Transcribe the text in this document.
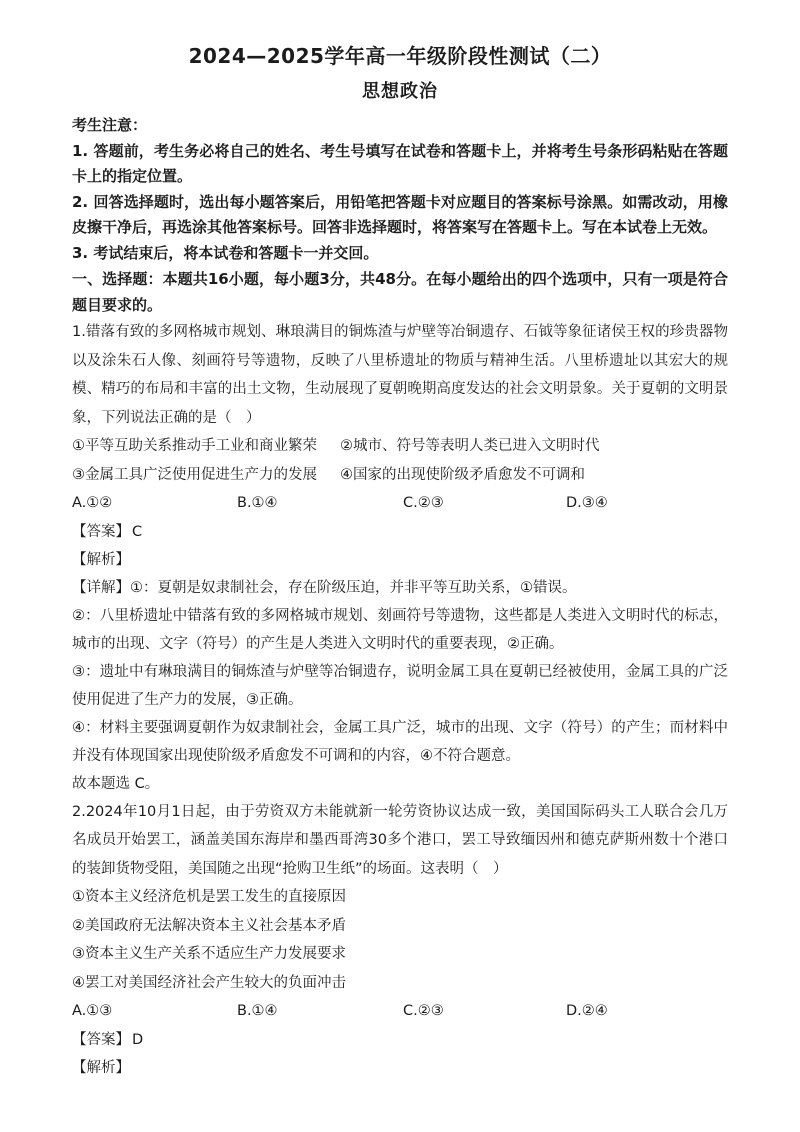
2024—2025学年高一年级阶段性测试（二）
思想政治

考生注意：

1. 答题前，考生务必将自己的姓名、考生号填写在试卷和答题卡上，并将考生号条形码粘贴在答题卡上的指定位置。

2. 回答选择题时，选出每小题答案后，用铅笔把答题卡对应题目的答案标号涂黑。如需改动，用橡皮擦干净后，再选涂其他答案标号。回答非选择题时，将答案写在答题卡上。写在本试卷上无效。

3. 考试结束后，将本试卷和答题卡一并交回。

一、选择题：本题共16小题，每小题3分，共48分。在每小题给出的四个选项中，只有一项是符合题目要求的。

1.错落有致的多网格城市规划、琳琅满目的铜炼渣与炉壁等冶铜遗存、石钺等象征诸侯王权的珍贵器物以及涂朱石人像、刻画符号等遗物，反映了八里桥遗址的物质与精神生活。八里桥遗址以其宏大的规模、精巧的布局和丰富的出土文物，生动展现了夏朝晚期高度发达的社会文明景象。关于夏朝的文明景象，下列说法正确的是（　）

①平等互助关系推动手工业和商业繁荣	②城市、符号等表明人类已进入文明时代
③金属工具广泛使用促进生产力的发展	④国家的出现使阶级矛盾愈发不可调和
A.①②	B.①④	C.②③	D.③④

【答案】 C

【解析】

【详解】①：夏朝是奴隶制社会，存在阶级压迫，并非平等互助关系，①错误。

②：八里桥遗址中错落有致的多网格城市规划、刻画符号等遗物，这些都是人类进入文明时代的标志，城市的出现、文字（符号）的产生是人类进入文明时代的重要表现，②正确。

③：遗址中有琳琅满目的铜炼渣与炉壁等冶铜遗存，说明金属工具在夏朝已经被使用，金属工具的广泛使用促进了生产力的发展，③正确。

④：材料主要强调夏朝作为奴隶制社会，金属工具广泛，城市的出现、文字（符号）的产生；而材料中并没有体现国家出现使阶级矛盾愈发不可调和的内容，④不符合题意。

故本题选 C。

2.2024年10月1日起，由于劳资双方未能就新一轮劳资协议达成一致，美国国际码头工人联合会几万名成员开始罢工，涵盖美国东海岸和墨西哥湾30多个港口，罢工导致缅因州和德克萨斯州数十个港口的装卸货物受阻，美国随之出现“抢购卫生纸”的场面。这表明（　）

①资本主义经济危机是罢工发生的直接原因

②美国政府无法解决资本主义社会基本矛盾

③资本主义生产关系不适应生产力发展要求

④罢工对美国经济社会产生较大的负面冲击

A.①③	B.①④	C.②③	D.②④

【答案】 D

【解析】
